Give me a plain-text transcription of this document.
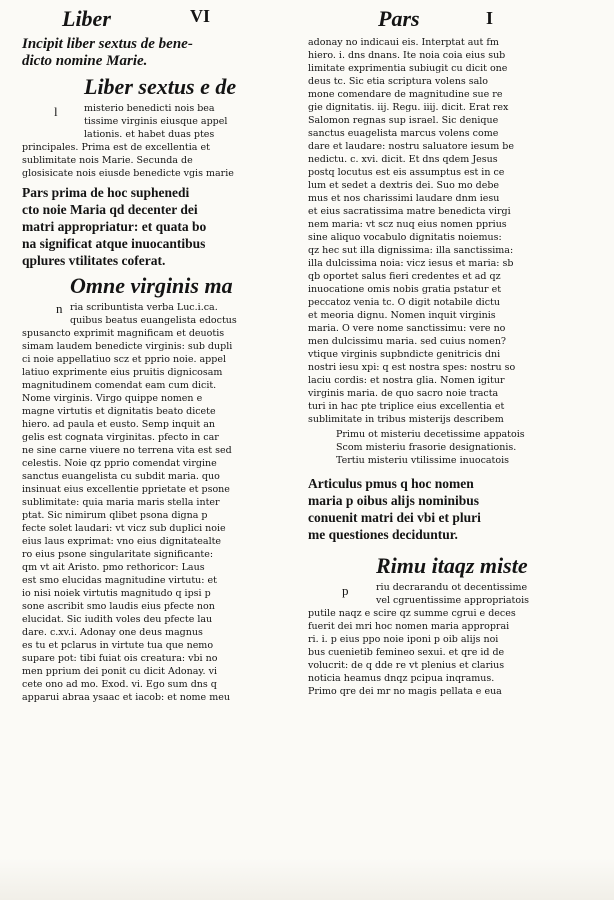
Liber	VI	Pars	I
Incipit liber sextus de bene-
dicto nomine Marie.
Liber sextus e de
l	misterio benedicti nois bea
tissime virginis eiusque appel
lationis. et habet duas ptes
principales. Prima est de excellentia et
sublimitate nois Marie. Secunda de
glosisicate nois eiusde benedicte vgis marie
Pars prima de hoc suphenedi
cto noie Maria qd decenter dei
matri appropriatur: et quata bo
na significat atque inuocantibus
qplures vtilitates coferat.
Omne virginis ma
n ria scribuntista verba Luc.i.ca.
quibus beatus euangelista edoctus
spusancto exprimit magnificam et deuotis
simam laudem benedicte virginis: sub dupli
ci noie appellatiuo scz et pprio noie. appel
latiuo exprimente eius pruitis dignicosam
magnitudinem comendat eam cum dicit.
Nome virginis. Virgo quippe nomen e
magne virtutis et dignitatis beato dicete
hiero. ad paula et eusto. Semp inquit an
gelis est cognata virginitas. pfecto in car
ne sine carne viuere no terrena vita est sed
celestis. Noie qz pprio comendat virgine
sanctus euangelista cu subdit maria. quo
insinuat eius excellentie pprietate et psone
sublimitate: quia maria maris stella inter
ptat. Sic nimirum qlibet psona digna p
fecte solet laudari: vt vicz sub duplici noie
eius laus exprimat: vno eius dignitatealte
ro eius psone singularitate significante:
qm vt ait Aristo. pmo rethoricor: Laus
est smo elucidas magnitudine virtutu: et
io nisi noiek virtutis magnitudo q ipsi p
sone ascribit smo laudis eius pfecte non
elucidat. Sic iudith voles deu pfecte lau
dare. c.xv.i. Adonay one deus magnus
es tu et pclarus in virtute tua que nemo
supare pot: tibi fuiat ois creatura: vbi no
men pprium dei ponit cu dicit Adonay. vi
cete ono ad mo. Exod. vi. Ego sum dns q
apparui abraa ysaac et iacob: et nome meu
adonay no indicaui eis. Interptat aut fm
hiero. i. dns dnans. Ite noia coia eius sub
limitate exprimentia subiugit cu dicit one
deus tc. Sic etia scriptura volens salo
mone comendare de magnitudine sue re
gie dignitatis. iij. Regu. iiij. dicit. Erat rex
Salomon regnas sup israel. Sic denique
sanctus euagelista marcus volens come
dare et laudare: nostru saluatore iesum be
nedictu. c. xvi. dicit. Et dns qdem Jesus
postq locutus est eis assumptus est in ce
lum et sedet a dextris dei. Suo mo debe
mus et nos charissimi laudare dnm iesu
et eius sacratissima matre benedicta virgi
nem maria: vt scz nuq eius nomen pprius
sine aliquo vocabulo dignitatis noiemus:
qz hec sut illa dignissima: illa sanctissima:
illa dulcissima noia: vicz iesus et maria: sb
qb oportet salus fieri credentes et ad qz
inuocatione omis nobis gratia pstatur et
peccatoz venia tc. O digit notabile dictu
et meoria dignu. Nomen inquit virginis
maria. O vere nome sanctissimu: vere no
men dulcissimu maria. sed cuius nomen?
vtique virginis supbndicte genitricis dni
nostri iesu xpi: q est nostra spes: nostru so
laciu cordis: et nostra glia. Nomen igitur
virginis maria. de quo sacro noie tracta
turi in hac pte triplice eius excellentia et
sublimitate in tribus misterijs describem
Primu ot misteriu decetissime appatois
Scom misteriu frasorie designationis.
Tertiu misteriu vtilissime inuocatois
Articulus pmus q hoc nomen
maria p oibus alijs nominibus
conuenit matri dei vbi et pluri
me questiones deciduntur.
Rimu itaqz miste
p	riu decrarandu ot decentissime
vel cgruentissime appropriatois
putile naqz e scire qz summe cgrui e deces
fuerit dei mri hoc nomen maria approprai
ri. i. p eius ppo noie iponi p oib alijs noi
bus cuenietib femineo sexui. et qre id de
volucrit: de q dde re vt plenius et clarius
noticia heamus dnqz pcipua inqramus.
Primo qre dei mr no magis pellata e eua
